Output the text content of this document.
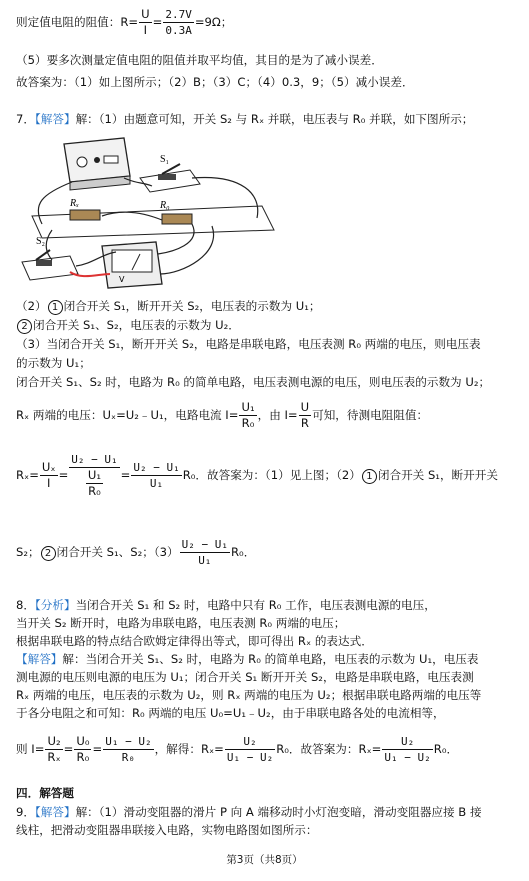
则定值电阻的阻值：$R= \frac{U}{I} = \frac{2.7V}{0.3A} =9\Omega$；
（5）要多次测量定值电阻的阻值并取平均值，其目的是为了减小误差．
故答案为：（1）如上图所示；（2）B；（3）C；（4）0.3，9；（5）减小误差．
7．【解答】解：（1）由题意可知，开关 S₂ 与 Rₓ 并联，电压表与 R₀ 并联，如下图所示；
S₁
Rₓ	R₀
S₂
V
（2） 1 闭合开关 S₁，断开开关 S₂，电压表的示数为 U₁；
2 闭合开关 S₁、S₂，电压表的示数为 U₂．
（3）当闭合开关 S₁，断开开关 S₂，电路是串联电路，电压表测 R₀ 两端的电压，则电压表
的示数为 U₁；
闭合开关 S₁、S₂ 时，电路为 R₀ 的简单电路，电压表测电源的电压，则电压表的示数为 U₂；
Rₓ 两端的电压：Uₓ=U₂﹣U₁，电路电流 $I= \frac{\text{U₁}}{\text{R₀}}$ ，由 $I= \frac{U}{R}$ 可知，待测电阻阻值：
$R_x= \frac{\text{Uₓ}}{I} = \frac{\text{U₂ − U₁}}{\frac{\text{U₁}}{\text{R₀}}} = \frac{\text{U₂ − U₁}}{\text{U₁}} R_0$．故答案为：（1）见上图；（2） 1 闭合开关 S₁，断开开关
S₂； 2 闭合开关 S₁、S₂；$(3) \frac{\text{U₂ − U₁}}{\text{U₁}} R_0$．
8．【分析】当闭合开关 S₁ 和 S₂ 时，电路中只有 R₀ 工作，电压表测电源的电压，
当开关 S₂ 断开时，电路为串联电路，电压表测 R₀ 两端的电压；
根据串联电路的特点结合欧姆定律得出等式，即可得出 Rₓ 的表达式．
【解答】解：当闭合开关 S₁、S₂ 时，电路为 R₀ 的简单电路，电压表的示数为 U₁，电压表
测电源的电压则电源的电压为 U₁；闭合开关 S₁ 断开开关 S₂，电路是串联电路，电压表测
Rₓ 两端的电压，电压表的示数为 U₂，则 Rₓ 两端的电压为 U₂；根据串联电路两端的电压等
于各分电阻之和可知：R₀ 两端的电压 U₀=U₁﹣U₂，由于串联电路各处的电流相等，
则 $I= \frac{\text{U₂}}{\text{Rₓ}} = \frac{\text{U₀}}{\text{R₀}} = \frac{\text{U₁ − U₂}}{\text{R₀}}$ ，解得：$R_x= \frac{\text{U₂}}{\text{U₁ − U₂}} R_0$．故答案为：$R_x= \frac{\text{U₂}}{\text{U₁ − U₂}} R_0$．
四．解答题
9．【解答】解：（1）滑动变阻器的滑片 P 向 A 端移动时小灯泡变暗，滑动变阻器应接 B 接
线柱，把滑动变阻器串联接入电路，实物电路图如图所示：
第3页（共8页）
